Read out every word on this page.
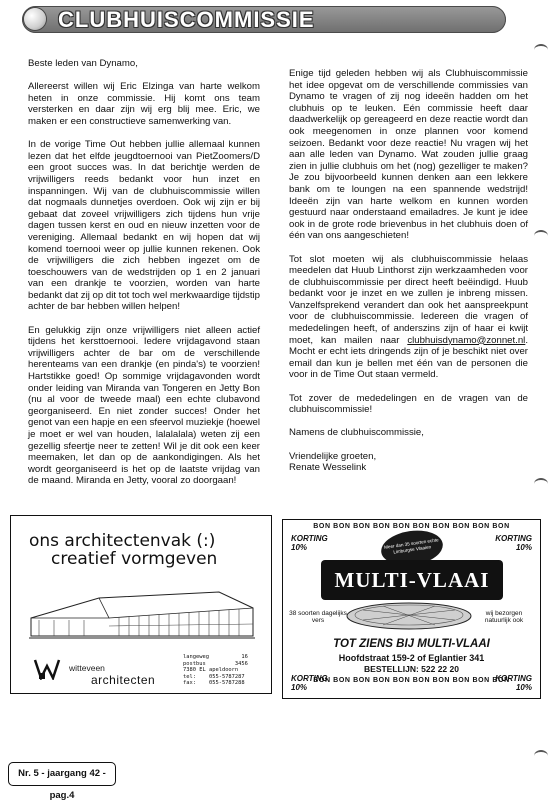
CLUBHUISCOMMISSIE

Beste leden van Dynamo,

Allereerst willen wij Eric Elzinga van harte welkom heten in onze commissie. Hij komt ons team versterken en daar zijn wij erg blij mee. Eric, we maken er een constructieve samenwerking van.

In de vorige Time Out hebben jullie allemaal kunnen lezen dat het elfde jeugdtoernooi van PietZoomers/D een groot succes was. In dat berichtje werden de vrijwilligers reeds bedankt voor hun inzet en inspanningen. Wij van de clubhuiscommissie willen dat nogmaals dunnetjes overdoen. Ook wij zijn er bij gebaat dat zoveel vrijwilligers zich tijdens hun vrije dagen tussen kerst en oud en nieuw inzetten voor de vereniging. Allemaal bedankt en wij hopen dat wij komend toernooi weer op jullie kunnen rekenen. Ook de vrijwilligers die zich hebben ingezet om de toeschouwers van de wedstrijden op 1 en 2 januari van een drankje te voorzien, worden van harte bedankt dat zij op dit tot toch wel merkwaardige tijdstip achter de bar hebben willen helpen!

En gelukkig zijn onze vrijwilligers niet alleen actief tijdens het kersttoernooi. Iedere vrijdagavond staan vrijwilligers achter de bar om de verschillende herenteams van een drankje (en pinda's) te voorzien! Hartstikke goed! Op sommige vrijdagavonden wordt onder leiding van Miranda van Tongeren en Jetty Bon (nu al voor de tweede maal) een echte clubavond georganiseerd. En niet zonder succes! Onder het genot van een hapje en een sfeervol muziekje (hoewel je moet er wel van houden, lalalalala) weten zij een gezellig sfeertje neer te zetten! Wil je dit ook een keer meemaken, let dan op de aankondigingen. Als het wordt georganiseerd is het op de laatste vrijdag van de maand. Miranda en Jetty, vooral zo doorgaan!

Enige tijd geleden hebben wij als Clubhuiscommissie het idee opgevat om de verschillende commissies van Dynamo te vragen of zij nog ideeën hadden om het clubhuis op te leuken. Eén commissie heeft daar daadwerkelijk op gereageerd en deze reactie wordt dan ook meegenomen in onze plannen voor komend seizoen. Bedankt voor deze reactie! Nu vragen wij het aan alle leden van Dynamo. Wat zouden jullie graag zien in jullie clubhuis om het (nog) gezelliger te maken? Je zou bijvoorbeeld kunnen denken aan een lekkere bank om te loungen na een spannende wedstrijd! Ideeën zijn van harte welkom en kunnen worden gestuurd naar onderstaand emailadres. Je kunt je idee ook in de grote rode brievenbus in het clubhuis doen of één van ons aangeschieten!

Tot slot moeten wij als clubhuiscommissie helaas meedelen dat Huub Linthorst zijn werkzaamheden voor de clubhuiscommissie per direct heeft beëindigd. Huub bedankt voor je inzet en we zullen je inbreng missen. Vanzelfsprekend verandert dan ook het aanspreekpunt voor de clubhuiscommissie. Iedereen die vragen of mededelingen heeft, of anderszins zijn of haar ei kwijt moet, kan mailen naar clubhuisdynamo@zonnet.nl. Mocht er echt iets dringends zijn of je beschikt niet over email dan kun je bellen met één van de personen die voor in de Time Out staan vermeld.

Tot zover de mededelingen en de vragen van de clubhuiscommissie!

Namens de clubhuiscommissie,

Vriendelijke groeten,
Renate Wesselink
ons architectenvak (:)
creatief vormgeven
witteveen
architecten
langeweg          16
postbus         3456
7380 EL apeldoorn
tel:    055-5787287
fax:    055-5787288
BON BON BON BON BON BON BON BON BON BON
KORTING
10%
KORTING
10%
Meer dan 35 soorten echte Limburgse Vlaaien
MULTI-VLAAI
38 soorten dagelijks vers
wij bezorgen natuurlijk ook
TOT ZIENS BIJ MULTI-VLAAI
Hoofdstraat 159-2 of Eglantier 341
BESTELLIJN: 522 22 20
KORTING
10%
KORTING
10%
BON BON BON BON BON BON BON BON BON BON
Nr. 5 - jaargang 42 - pag.4
